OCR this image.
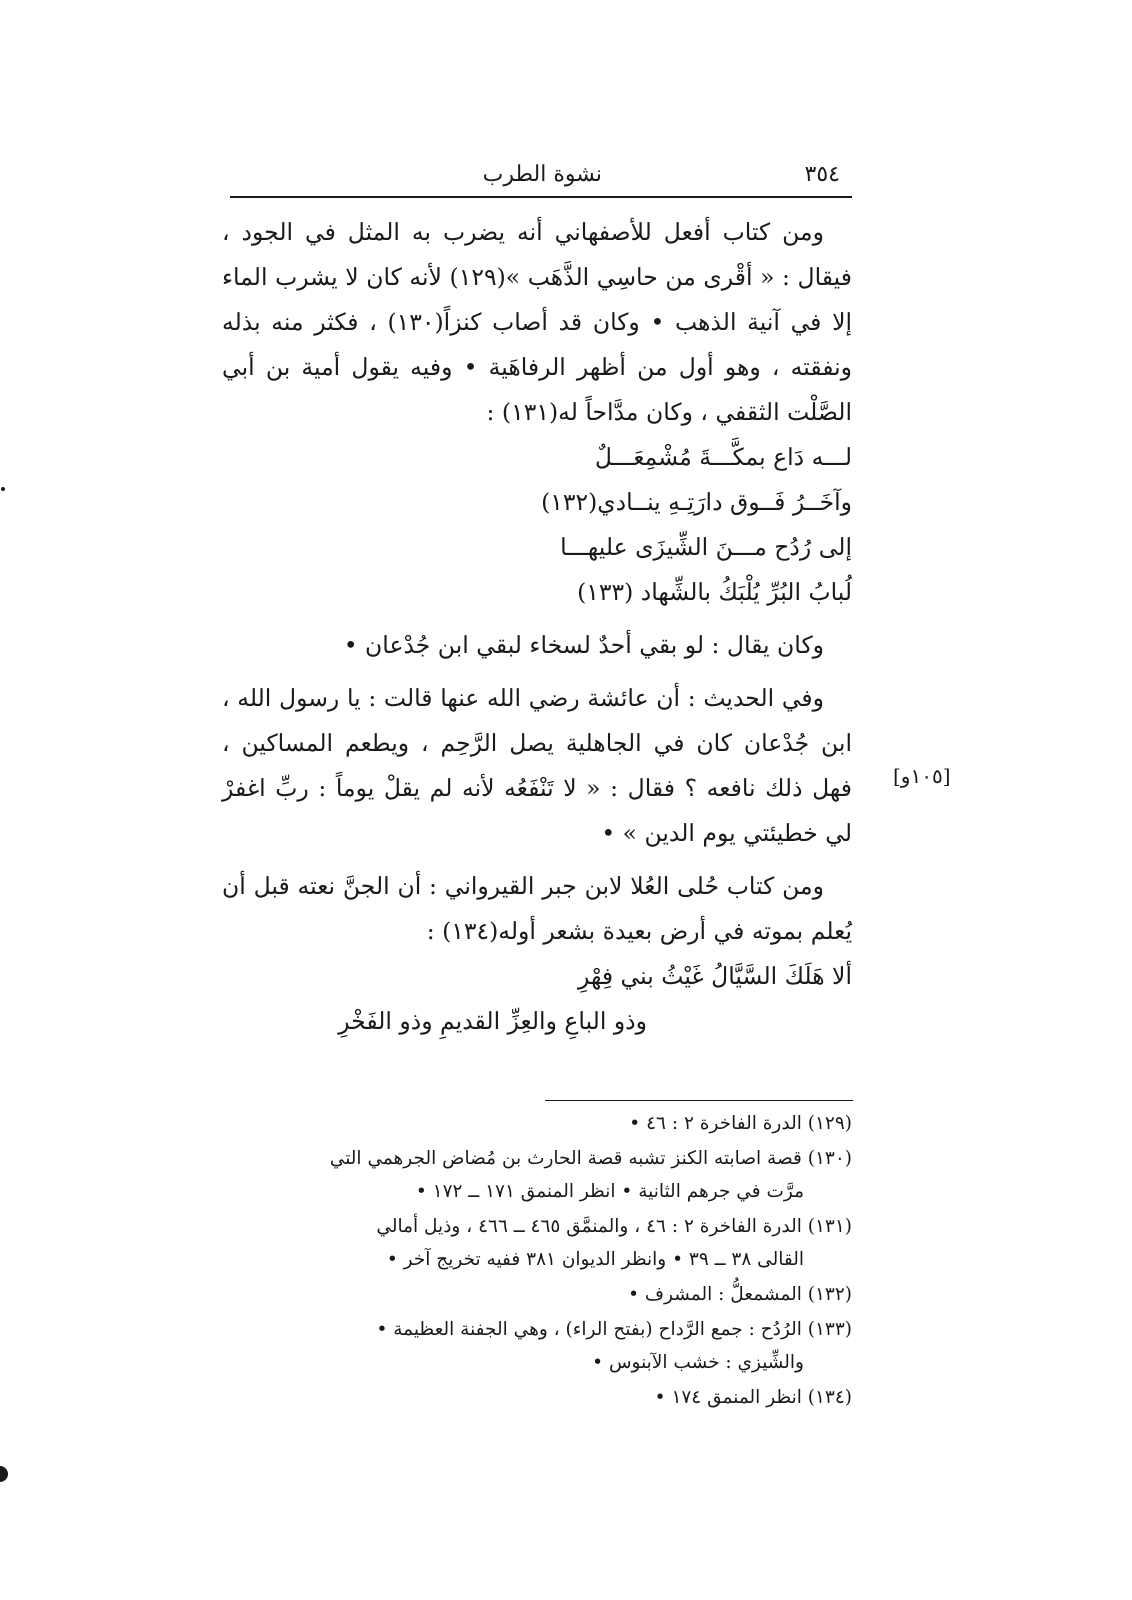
٣٥٤
نشوة الطرب

ومن كتاب أفعل للأصفهاني أنه يضرب به المثل في الجود ، فيقال : « أقْرى من حاسِي الذَّهَب »(١٢٩) لأنه كان لا يشرب الماء إلا في آنية الذهب • وكان قد أصاب كنزاً(١٣٠) ، فكثر منه بذله ونفقته ، وهو أول من أظهر الرفاهَية • وفيه يقول أمية بن أبي الصَّلْت الثقفي ، وكان مدَّاحاً له(١٣١) :

لـــه دَاع بمكَّـــةَ مُشْمِعَـــلٌ

وآخَــرُ فَــوق دارَتِـهِ ينــادي(١٣٢)

إلى رُدُح مـــنَ الشِّيزَى عليهـــا

لُبابُ البُرِّ يُلْبَكُ بالشِّهاد (١٣٣)

وكان يقال : لو بقي أحدٌ لسخاء لبقي ابن جُدْعان •

وفي الحديث : أن عائشة رضي الله عنها قالت : يا رسول الله ، ابن جُدْعان كان في الجاهلية يصل الرَّحِم ، ويطعم المساكين ، فهل ذلك نافعه ؟ فقال : « لا تَنْفَعُه لأنه لم يقلْ يوماً : ربِّ اغفرْ لي خطيئتي يوم الدين » •

ومن كتاب حُلى العُلا لابن جبر القيرواني : أن الجنَّ نعته قبل أن يُعلم بموته في أرض بعيدة بشعر أوله(١٣٤) :

ألا هَلَكَ السَّيَّالُ غَيْثُ بني فِهْرِ

وذو الباعِ والعِزِّ القديمِ وذو الفَخْرِ

[١٠٥و]

(١٢٩) الدرة الفاخرة ٢ : ٤٦ •

(١٣٠) قصة اصابته الكنز تشبه قصة الحارث بن مُضاض الجرهمي التي

مرَّت في جرهم الثانية • انظر المنمق ١٧١ ــ ١٧٢ •

(١٣١) الدرة الفاخرة ٢ : ٤٦ ، والمنمَّق ٤٦٥ ــ ٤٦٦ ، وذيل أمالي

القالى ٣٨ ــ ٣٩ • وانظر الديوان ٣٨١ ففيه تخريج آخر •

(١٣٢) المشمعلُّ : المشرف •

(١٣٣) الرُدُح : جمع الرَّداح (بفتح الراء) ، وهي الجفنة العظيمة •

والشِّيزي : خشب الآبنوس •

(١٣٤) انظر المنمق ١٧٤ •
